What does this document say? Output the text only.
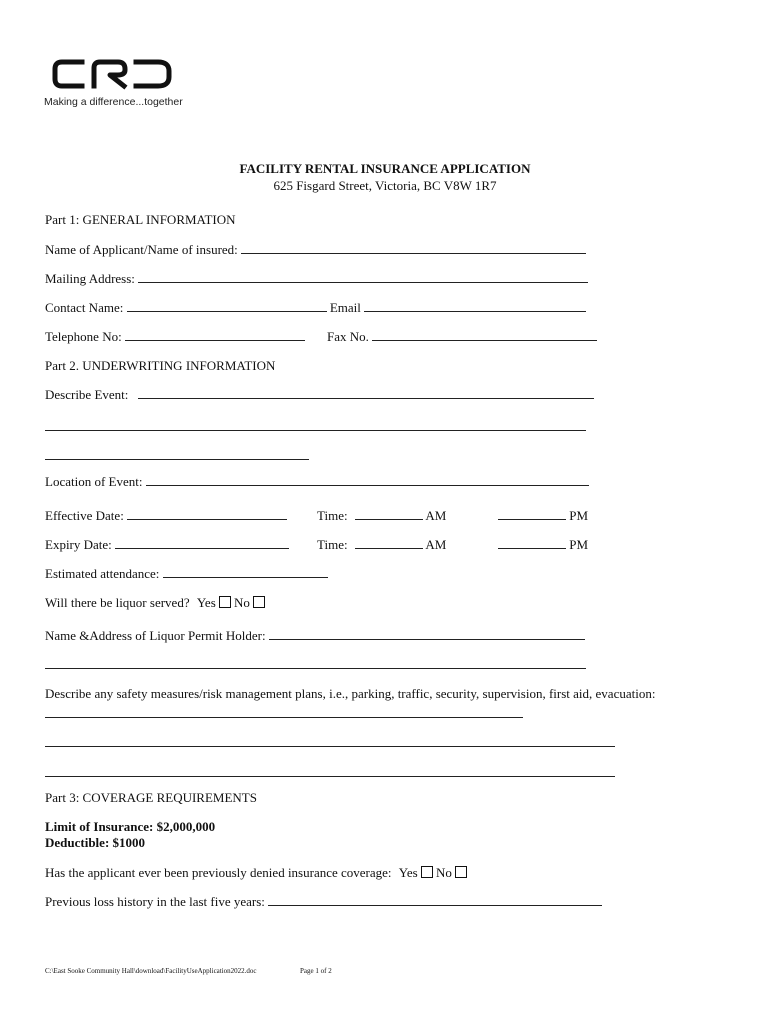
Making a difference...together
FACILITY RENTAL INSURANCE APPLICATION
625 Fisgard Street, Victoria, BC V8W 1R7
Part 1: GENERAL INFORMATION
Name of Applicant/Name of insured:
Mailing Address:
Contact Name:	Email
Telephone No:	Fax No.
Part 2. UNDERWRITING INFORMATION
Describe Event:
Location of Event:
Effective Date:	Time:	AM	PM
Expiry Date:	Time:	AM	PM
Estimated attendance:
Will there be liquor served? Yes No
Name &Address of Liquor Permit Holder:
Describe any safety measures/risk management plans, i.e., parking, traffic, security, supervision, first aid, evacuation:
Part 3: COVERAGE REQUIREMENTS
Limit of Insurance: $2,000,000
Deductible: $1000
Has the applicant ever been previously denied insurance coverage: Yes No
Previous loss history in the last five years:
C:\East Sooke Community Hall\download\FacilityUseApplication2022.doc	Page 1 of 2
